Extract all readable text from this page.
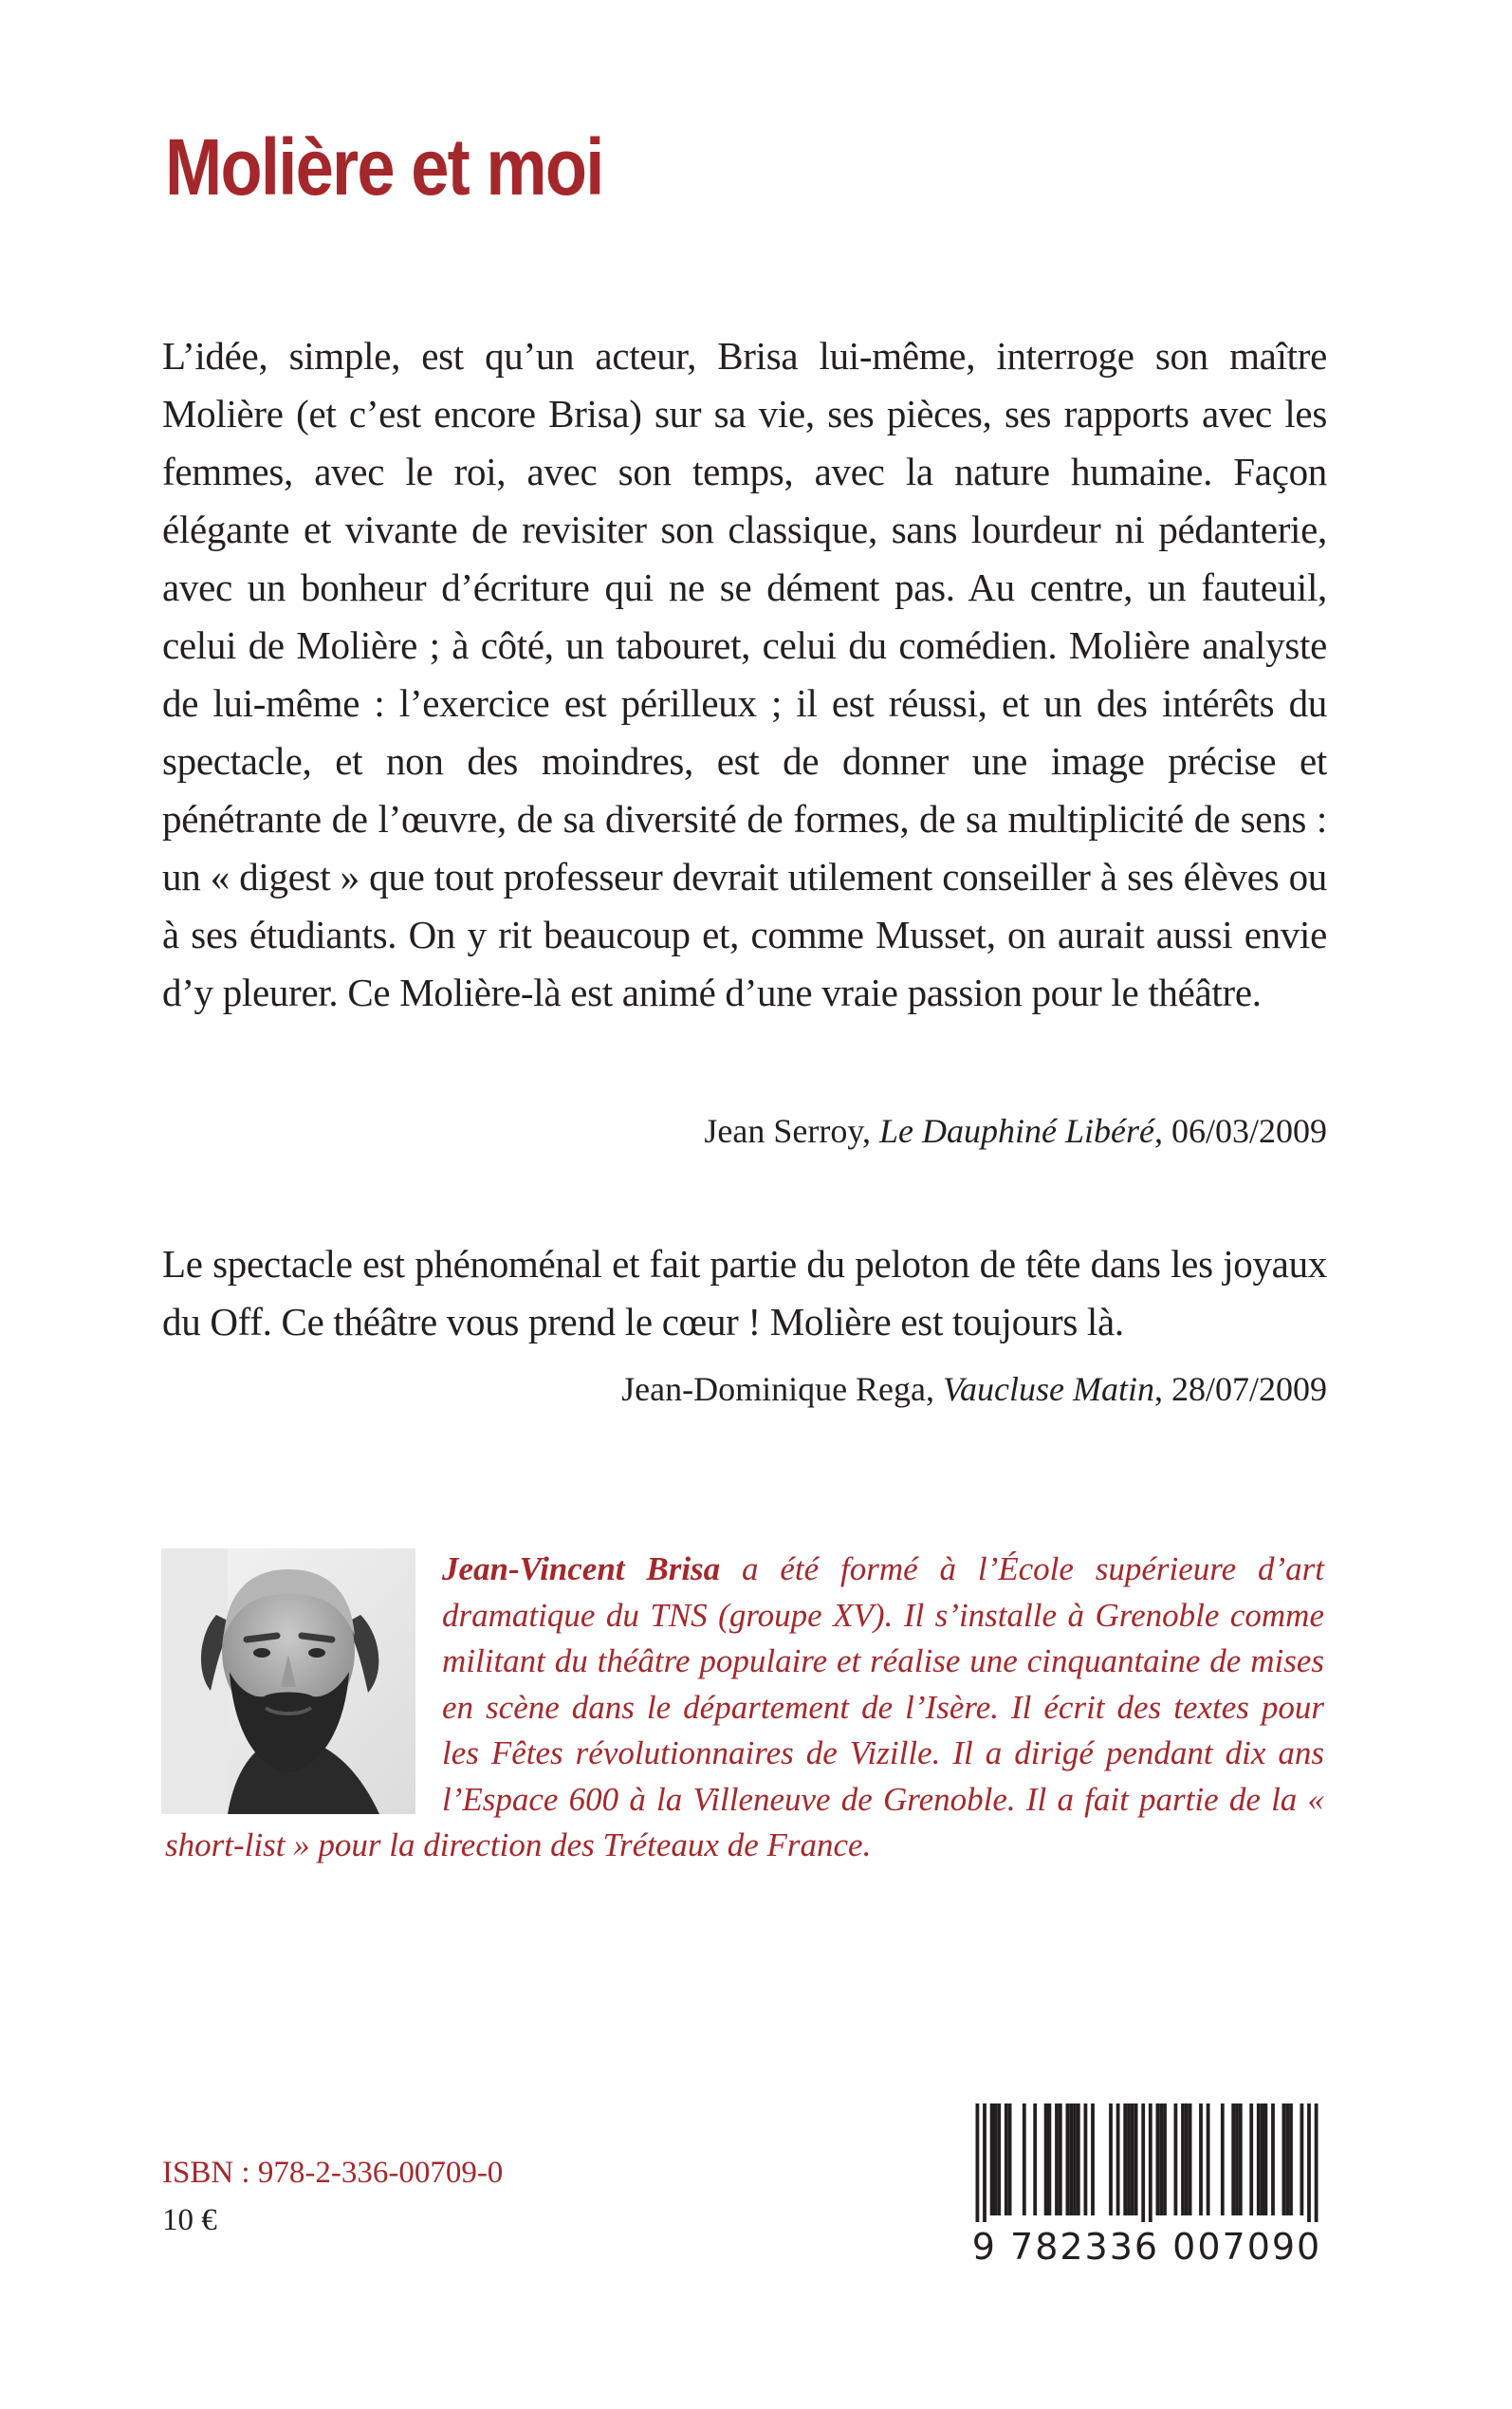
Molière et moi

L’idée, simple, est qu’un acteur, Brisa lui-même, interroge son maître Molière (et c’est encore Brisa) sur sa vie, ses pièces, ses rapports avec les femmes, avec le roi, avec son temps, avec la nature humaine. Façon élégante et vivante de revisiter son classique, sans lourdeur ni pédanterie, avec un bonheur d’écriture qui ne se dément pas. Au centre, un fauteuil, celui de Molière ; à côté, un tabouret, celui du comédien. Molière analyste de lui-même : l’exercice est périlleux ; il est réussi, et un des intérêts du spectacle, et non des moindres, est de donner une image précise et pénétrante de l’œuvre, de sa diversité de formes, de sa multiplicité de sens : un « digest » que tout professeur devrait utilement conseiller à ses élèves ou à ses étudiants. On y rit beaucoup et, comme Musset, on aurait aussi envie d’y pleurer. Ce Molière-là est animé d’une vraie passion pour le théâtre.

Jean Serroy, Le Dauphiné Libéré, 06/03/2009

Le spectacle est phénoménal et fait partie du peloton de tête dans les joyaux du Off. Ce théâtre vous prend le cœur ! Molière est toujours là.

Jean-Dominique Rega, Vaucluse Matin, 28/07/2009

Jean-Vincent Brisa a été formé à l’École supérieure d’art dramatique du TNS (groupe XV). Il s’installe à Grenoble comme militant du théâtre populaire et réalise une cinquantaine de mises en scène dans le département de l’Isère. Il écrit des textes pour les Fêtes révolutionnaires de Vizille. Il a dirigé pendant dix ans l’Espace 600 à la Villeneuve de Grenoble. Il a fait partie de la « short-list » pour la direction des Tréteaux de France.

ISBN : 978-2-336-00709-0

10 €

9 782336 007090
